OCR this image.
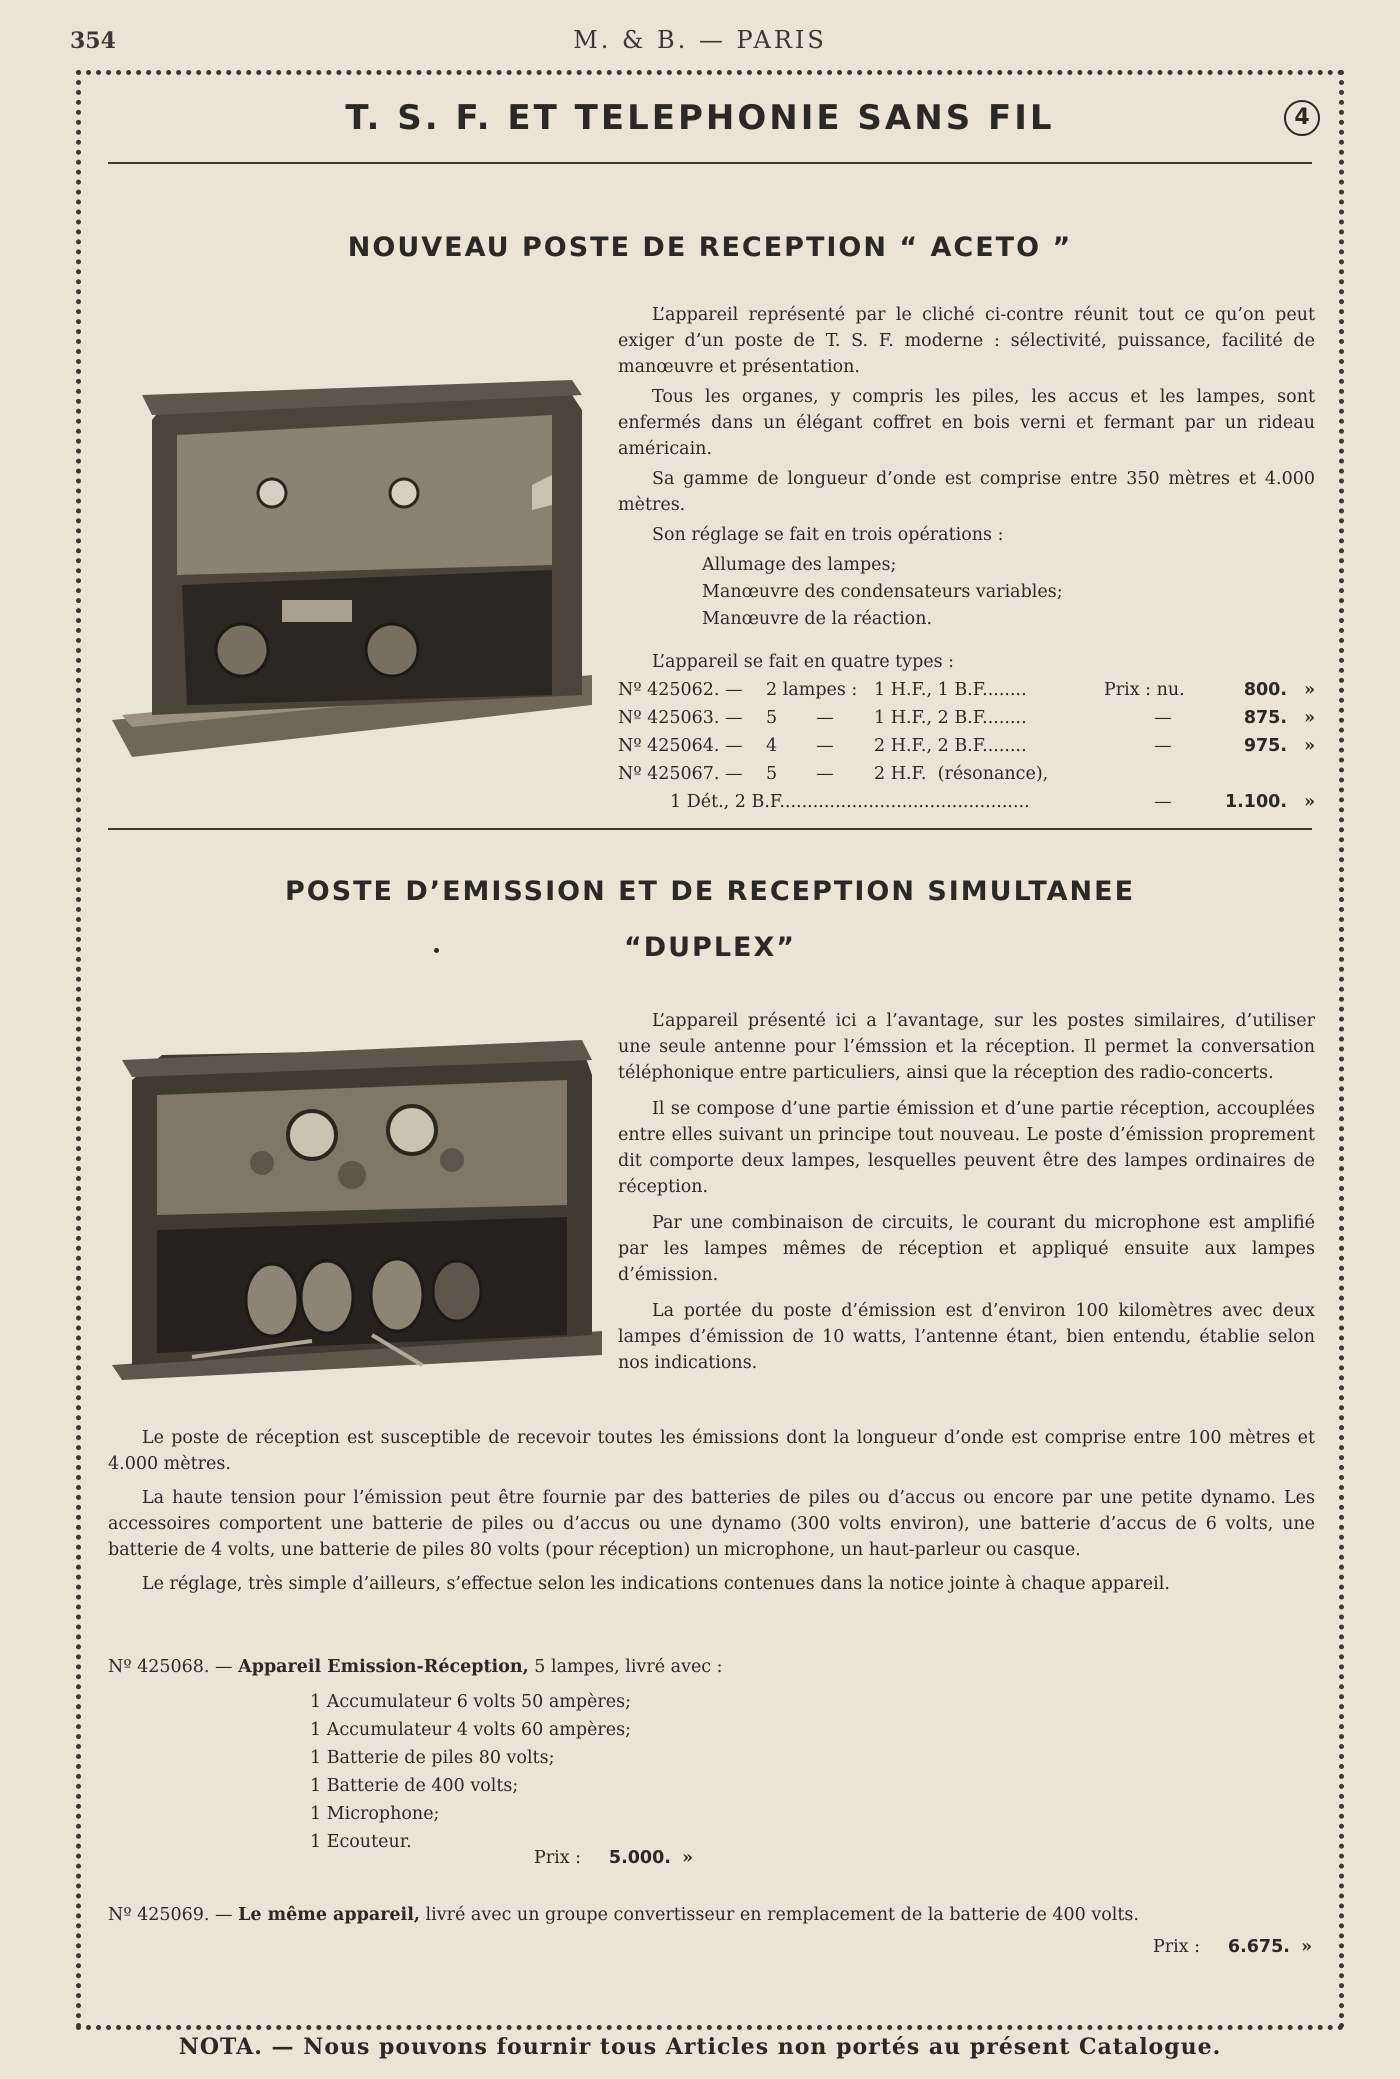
354	M. & B. — PARIS
T. S. F. ET TELEPHONIE SANS FIL	4
NOUVEAU POSTE DE RECEPTION “ ACETO ”

L’appareil représenté par le cliché ci-contre réunit tout ce qu’on peut exiger d’un poste de T. S. F. moderne : sélectivité, puissance, facilité de manœuvre et présentation.

Tous les organes, y compris les piles, les accus et les lampes, sont enfermés dans un élégant coffret en bois verni et fermant par un rideau américain.

Sa gamme de longueur d’onde est comprise entre 350 mètres et 4.000 mètres.

Son réglage se fait en trois opérations :

Allumage des lampes;
Manœuvre des condensateurs variables;
Manœuvre de la réaction.
L’appareil se fait en quatre types :
Nº 425062. — 2 lampes : 1 H.F., 1 B.F........	Prix : nu.	800. »
Nº 425063. — 5       — 1 H.F., 2 B.F........	—	875. »
Nº 425064. — 4       — 2 H.F., 2 B.F........	—	975. »
Nº 425067. — 5       — 2 H.F.  (résonance),
1 Dét., 2 B.F.............................................	—	1.100. »
POSTE D’EMISSION ET DE RECEPTION SIMULTANEE
“DUPLEX”

L’appareil présenté ici a l’avantage, sur les postes similaires, d’utiliser une seule antenne pour l’émssion et la réception. Il permet la conversation téléphonique entre particuliers, ainsi que la réception des radio-concerts.

Il se compose d’une partie émission et d’une partie réception, accouplées entre elles suivant un principe tout nouveau. Le poste d’émission proprement dit comporte deux lampes, lesquelles peuvent être des lampes ordinaires de réception.

Par une combinaison de circuits, le courant du microphone est amplifié par les lampes mêmes de réception et appliqué ensuite aux lampes d’émission.

La portée du poste d’émission est d’environ 100 kilomètres avec deux lampes d’émission de 10 watts, l’antenne étant, bien entendu, établie selon nos indications.

Le poste de réception est susceptible de recevoir toutes les émissions dont la longueur d’onde est comprise entre 100 mètres et 4.000 mètres.

La haute tension pour l’émission peut être fournie par des batteries de piles ou d’accus ou encore par une petite dynamo. Les accessoires comportent une batterie de piles ou d’accus ou une dynamo (300 volts environ), une batterie d’accus de 6 volts, une batterie de 4 volts, une batterie de piles 80 volts (pour réception) un microphone, un haut-parleur ou casque.

Le réglage, très simple d’ailleurs, s’effectue selon les indications contenues dans la notice jointe à chaque appareil.

Nº 425068. — Appareil Emission-Réception, 5 lampes, livré avec :
1 Accumulateur 6 volts 50 ampères;
1 Accumulateur 4 volts 60 ampères;
1 Batterie de piles 80 volts;
1 Batterie de 400 volts;
1 Microphone;
1 Ecouteur.
Prix : 5.000. »
Nº 425069. — Le même appareil, livré avec un groupe convertisseur en remplacement de la batterie de 400 volts.
Prix : 6.675. »
NOTA. — Nous pouvons fournir tous Articles non portés au présent Catalogue.
